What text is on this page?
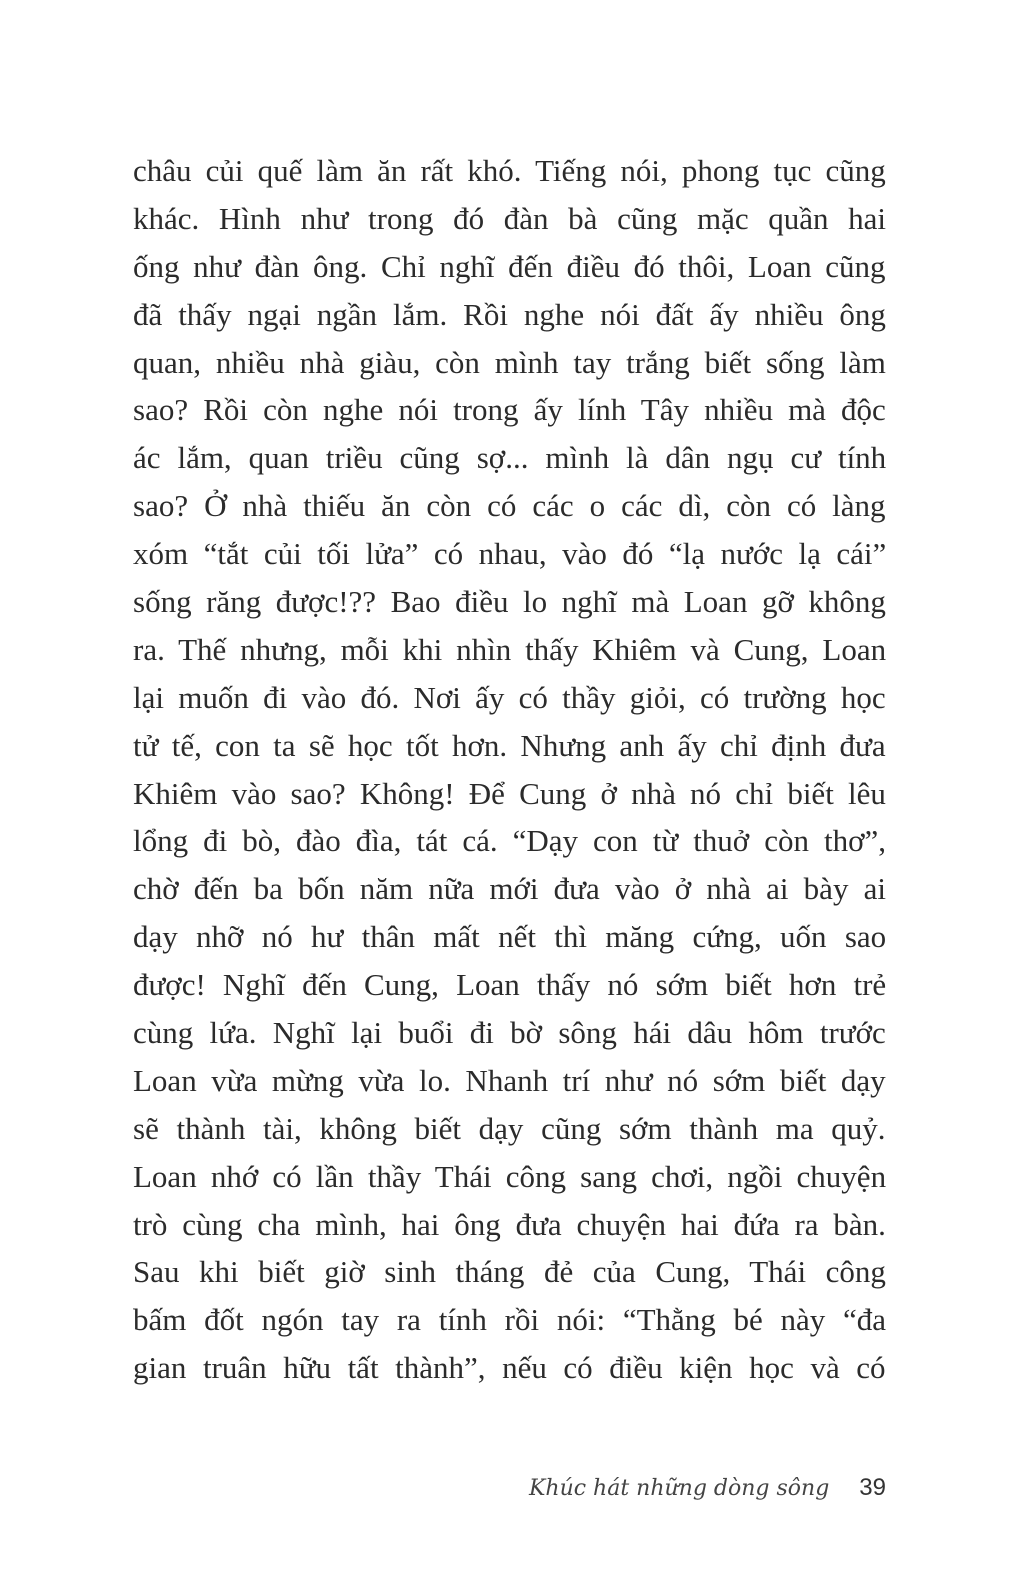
châu củi quế làm ăn rất khó. Tiếng nói, phong tục cũng
khác. Hình như trong đó đàn bà cũng mặc quần hai
ống như đàn ông. Chỉ nghĩ đến điều đó thôi, Loan cũng
đã thấy ngại ngần lắm. Rồi nghe nói đất ấy nhiều ông
quan, nhiều nhà giàu, còn mình tay trắng biết sống làm
sao? Rồi còn nghe nói trong ấy lính Tây nhiều mà độc
ác lắm, quan triều cũng sợ... mình là dân ngụ cư tính
sao? Ở nhà thiếu ăn còn có các o các dì, còn có làng
xóm “tắt củi tối lửa” có nhau, vào đó “lạ nước lạ cái”
sống răng được!?? Bao điều lo nghĩ mà Loan gỡ không
ra. Thế nhưng, mỗi khi nhìn thấy Khiêm và Cung, Loan
lại muốn đi vào đó. Nơi ấy có thầy giỏi, có trường học
tử tế, con ta sẽ học tốt hơn. Nhưng anh ấy chỉ định đưa
Khiêm vào sao? Không! Để Cung ở nhà nó chỉ biết lêu
lổng đi bò, đào đìa, tát cá. “Dạy con từ thuở còn thơ”,
chờ đến ba bốn năm nữa mới đưa vào ở nhà ai bày ai
dạy nhỡ nó hư thân mất nết thì măng cứng, uốn sao
được! Nghĩ đến Cung, Loan thấy nó sớm biết hơn trẻ
cùng lứa. Nghĩ lại buổi đi bờ sông hái dâu hôm trước
Loan vừa mừng vừa lo. Nhanh trí như nó sớm biết dạy
sẽ thành tài, không biết dạy cũng sớm thành ma quỷ.
Loan nhớ có lần thầy Thái công sang chơi, ngồi chuyện
trò cùng cha mình, hai ông đưa chuyện hai đứa ra bàn.
Sau khi biết giờ sinh tháng đẻ của Cung, Thái công
bấm đốt ngón tay ra tính rồi nói: “Thằng bé này “đa
gian truân hữu tất thành”, nếu có điều kiện học và có
Khúc hát những dòng sông 39
